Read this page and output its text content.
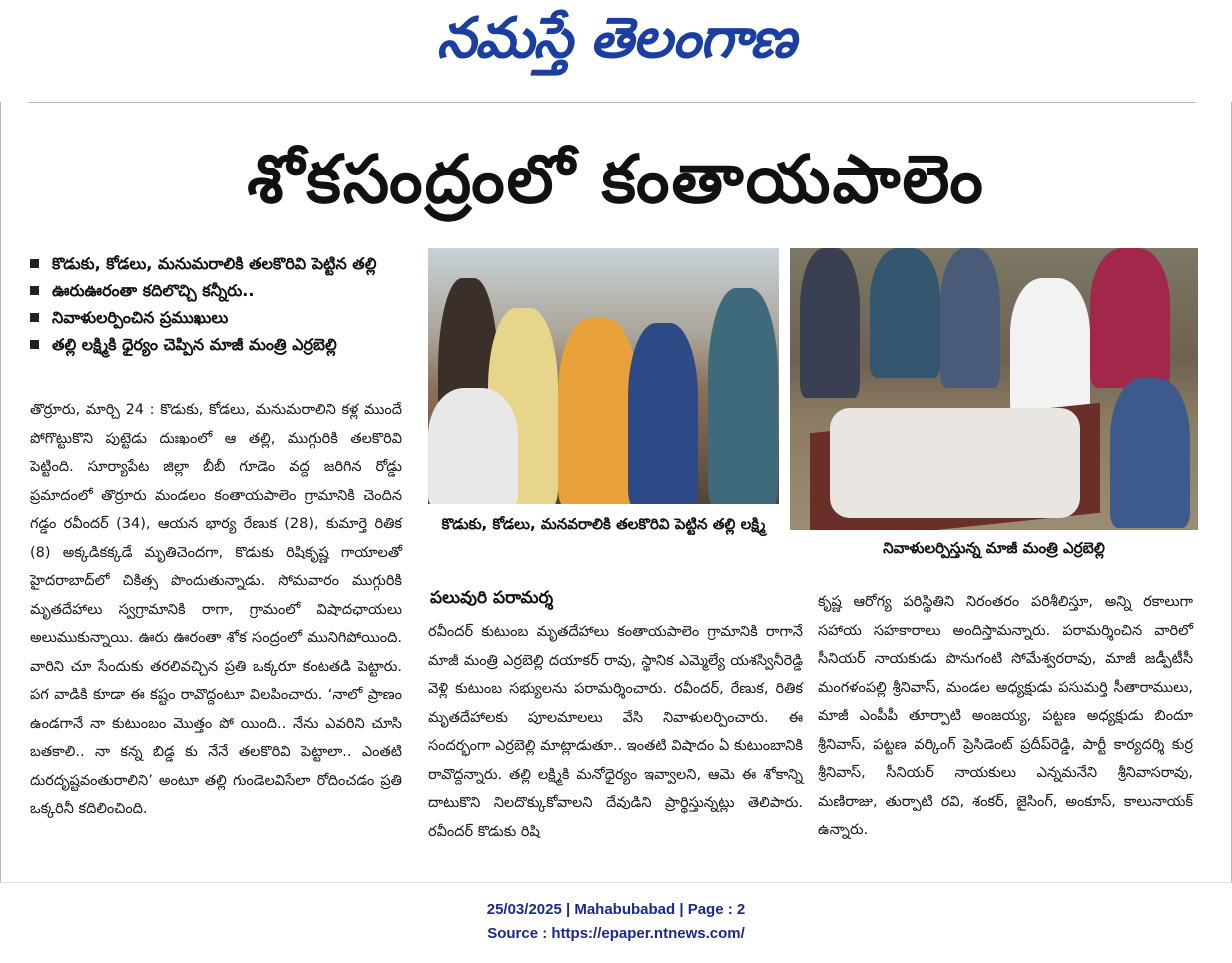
నమస్తే తెలంగాణ
శోకసంద్రంలో కంతాయపాలెం
కొడుకు, కోడలు, మనుమరాలికి తలకొరివి పెట్టిన తల్లి
ఊరుఊరంతా కదిలొచ్చి కన్నీరు..
నివాళులర్పించిన ప్రముఖులు
తల్లి లక్ష్మికి ధైర్యం చెప్పిన మాజీ మంత్రి ఎర్రబెల్లి
తొర్రూరు, మార్చి 24 : కొడుకు, కోడలు, మనుమరాలిని కళ్ల ముందే పోగొట్టుకొని పుట్టెడు దుఃఖంలో ఆ తల్లి, ముగ్గురికి తలకొరివి పెట్టింది. సూర్యాపేట జిల్లా బీబీ గూడెం వద్ద జరిగిన రోడ్డు ప్రమాదంలో తొర్రూరు మండలం కంతాయపాలెం గ్రామానికి చెందిన గడ్డం రవీందర్ (34), ఆయన భార్య రేణుక (28), కుమార్తె రితిక (8) అక్కడికక్కడే మృతిచెందగా, కొడుకు రిషికృష్ణ గాయాలతో హైదరాబాద్‌లో చికిత్స పొందుతున్నాడు. సోమవారం ముగ్గురికి మృతదేహాలు స్వగ్రామానికి రాగా, గ్రామంలో విషాదఛాయలు అలుముకున్నాయి. ఊరు ఊరంతా శోక సంద్రంలో మునిగిపోయింది. వారిని చూ సేందుకు తరలివచ్చిన ప్రతి ఒక్కరూ కంటతడి పెట్టారు. పగ వాడికి కూడా ఈ కష్టం రావొద్దంటూ విలపించారు. ‘నాలో ప్రాణం ఉండగానే నా కుటుంబం మొత్తం పో యింది.. నేను ఎవరిని చూసి బతకాలి.. నా కన్న బిడ్డ కు నేనే తలకొరివి పెట్టాలా.. ఎంతటి దురదృష్టవంతురాలిని’ అంటూ తల్లి గుండెలవిసేలా రోదించడం ప్రతి ఒక్కరినీ కదిలించింది.
కొడుకు, కోడలు, మనవరాలికి తలకొరివి పెట్టిన తల్లి లక్ష్మి
నివాళులర్పిస్తున్న మాజీ మంత్రి ఎర్రబెల్లి
పలువురి పరామర్శ
రవీందర్ కుటుంబ మృతదేహాలు కంతాయపాలెం గ్రామానికి రాగానే మాజీ మంత్రి ఎర్రబెల్లి దయాకర్ రావు, స్థానిక ఎమ్మెల్యే యశస్వినీరెడ్డి వెళ్లి కుటుంబ సభ్యులను పరామర్శించారు. రవీందర్, రేణుక, రితిక మృతదేహాలకు పూలమాలలు వేసి నివాళులర్పించారు. ఈ సందర్భంగా ఎర్రబెల్లి మాట్లాడుతూ.. ఇంతటి విషాదం ఏ కుటుంబానికి రావొద్దన్నారు. తల్లి లక్ష్మికి మనోధైర్యం ఇవ్వాలని, ఆమె ఈ శోకాన్ని దాటుకొని నిలదొక్కుకోవాలని దేవుడిని ప్రార్థిస్తున్నట్లు తెలిపారు. రవీందర్ కొడుకు రిషి
కృష్ణ ఆరోగ్య పరిస్థితిని నిరంతరం పరిశీలిస్తూ, అన్ని రకాలుగా సహాయ సహకారాలు అందిస్తామన్నారు. పరామర్శించిన వారిలో సీనియర్ నాయకుడు పొనుగంటి సోమేశ్వరరావు, మాజీ జడ్పీటీసీ మంగళంపల్లి శ్రీనివాస్, మండల అధ్యక్షుడు పసుమర్తి సీతారాములు, మాజీ ఎంపీపీ తూర్పాటి అంజయ్య, పట్టణ అధ్యక్షుడు బిందూ శ్రీనివాస్, పట్టణ వర్కింగ్ ప్రెసిడెంట్ ప్రదీప్‌రెడ్డి, పార్టీ కార్యదర్శి కుర్ర శ్రీనివాస్, సీనియర్ నాయకులు ఎన్నమనేని శ్రీనివాసరావు, మణిరాజు, తుర్పాటి రవి, శంకర్, జైసింగ్, అంకూస్, కాలునాయక్ ఉన్నారు.
25/03/2025 | Mahabubabad | Page : 2
Source : https://epaper.ntnews.com/
